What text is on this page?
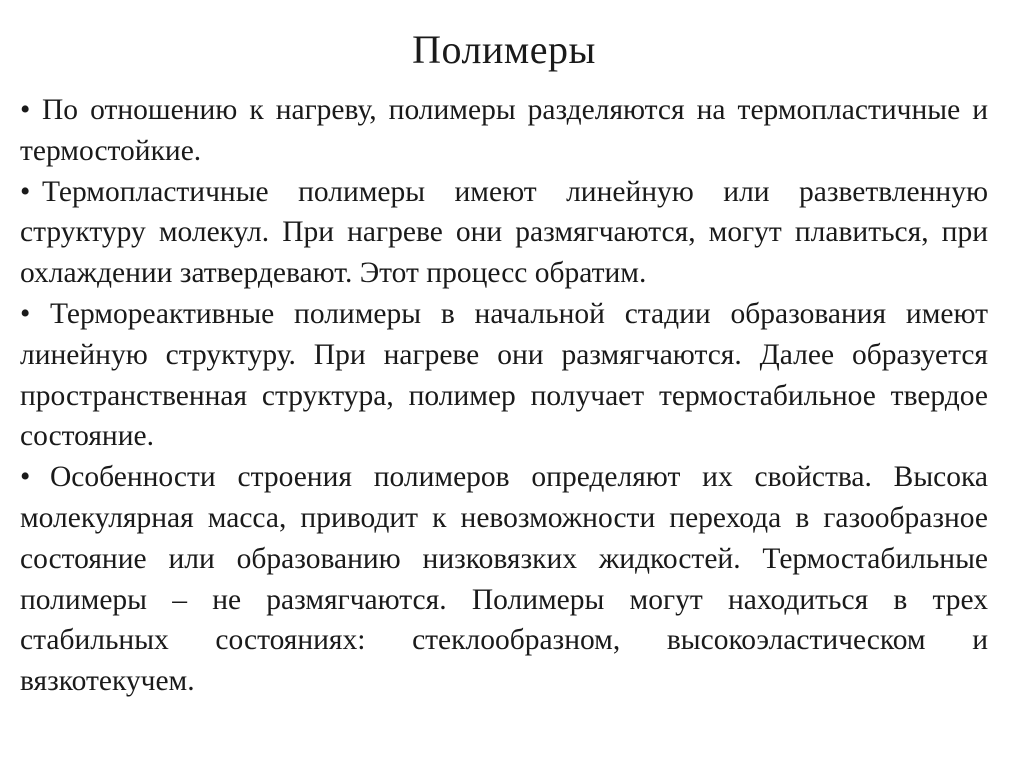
Полимеры
• По отношению к нагреву, полимеры разделяются на термопластичные и термостойкие.
• Термопластичные полимеры имеют линейную или разветвленную структуру молекул. При нагреве они размягчаются, могут плавиться, при охлаждении затвердевают. Этот процесс обратим.
• Термореактивные полимеры в начальной стадии образования имеют линейную структуру. При нагреве они размягчаются. Далее образуется пространственная структура, полимер получает термостабильное твердое состояние.
• Особенности строения полимеров определяют их свойства. Высока молекулярная масса, приводит к невозможности перехода в газообразное состояние или образованию низковязких жидкостей. Термостабильные полимеры – не размягчаются. Полимеры могут находиться в трех стабильных состояниях: стеклообразном, высокоэластическом и вязкотекучем.
